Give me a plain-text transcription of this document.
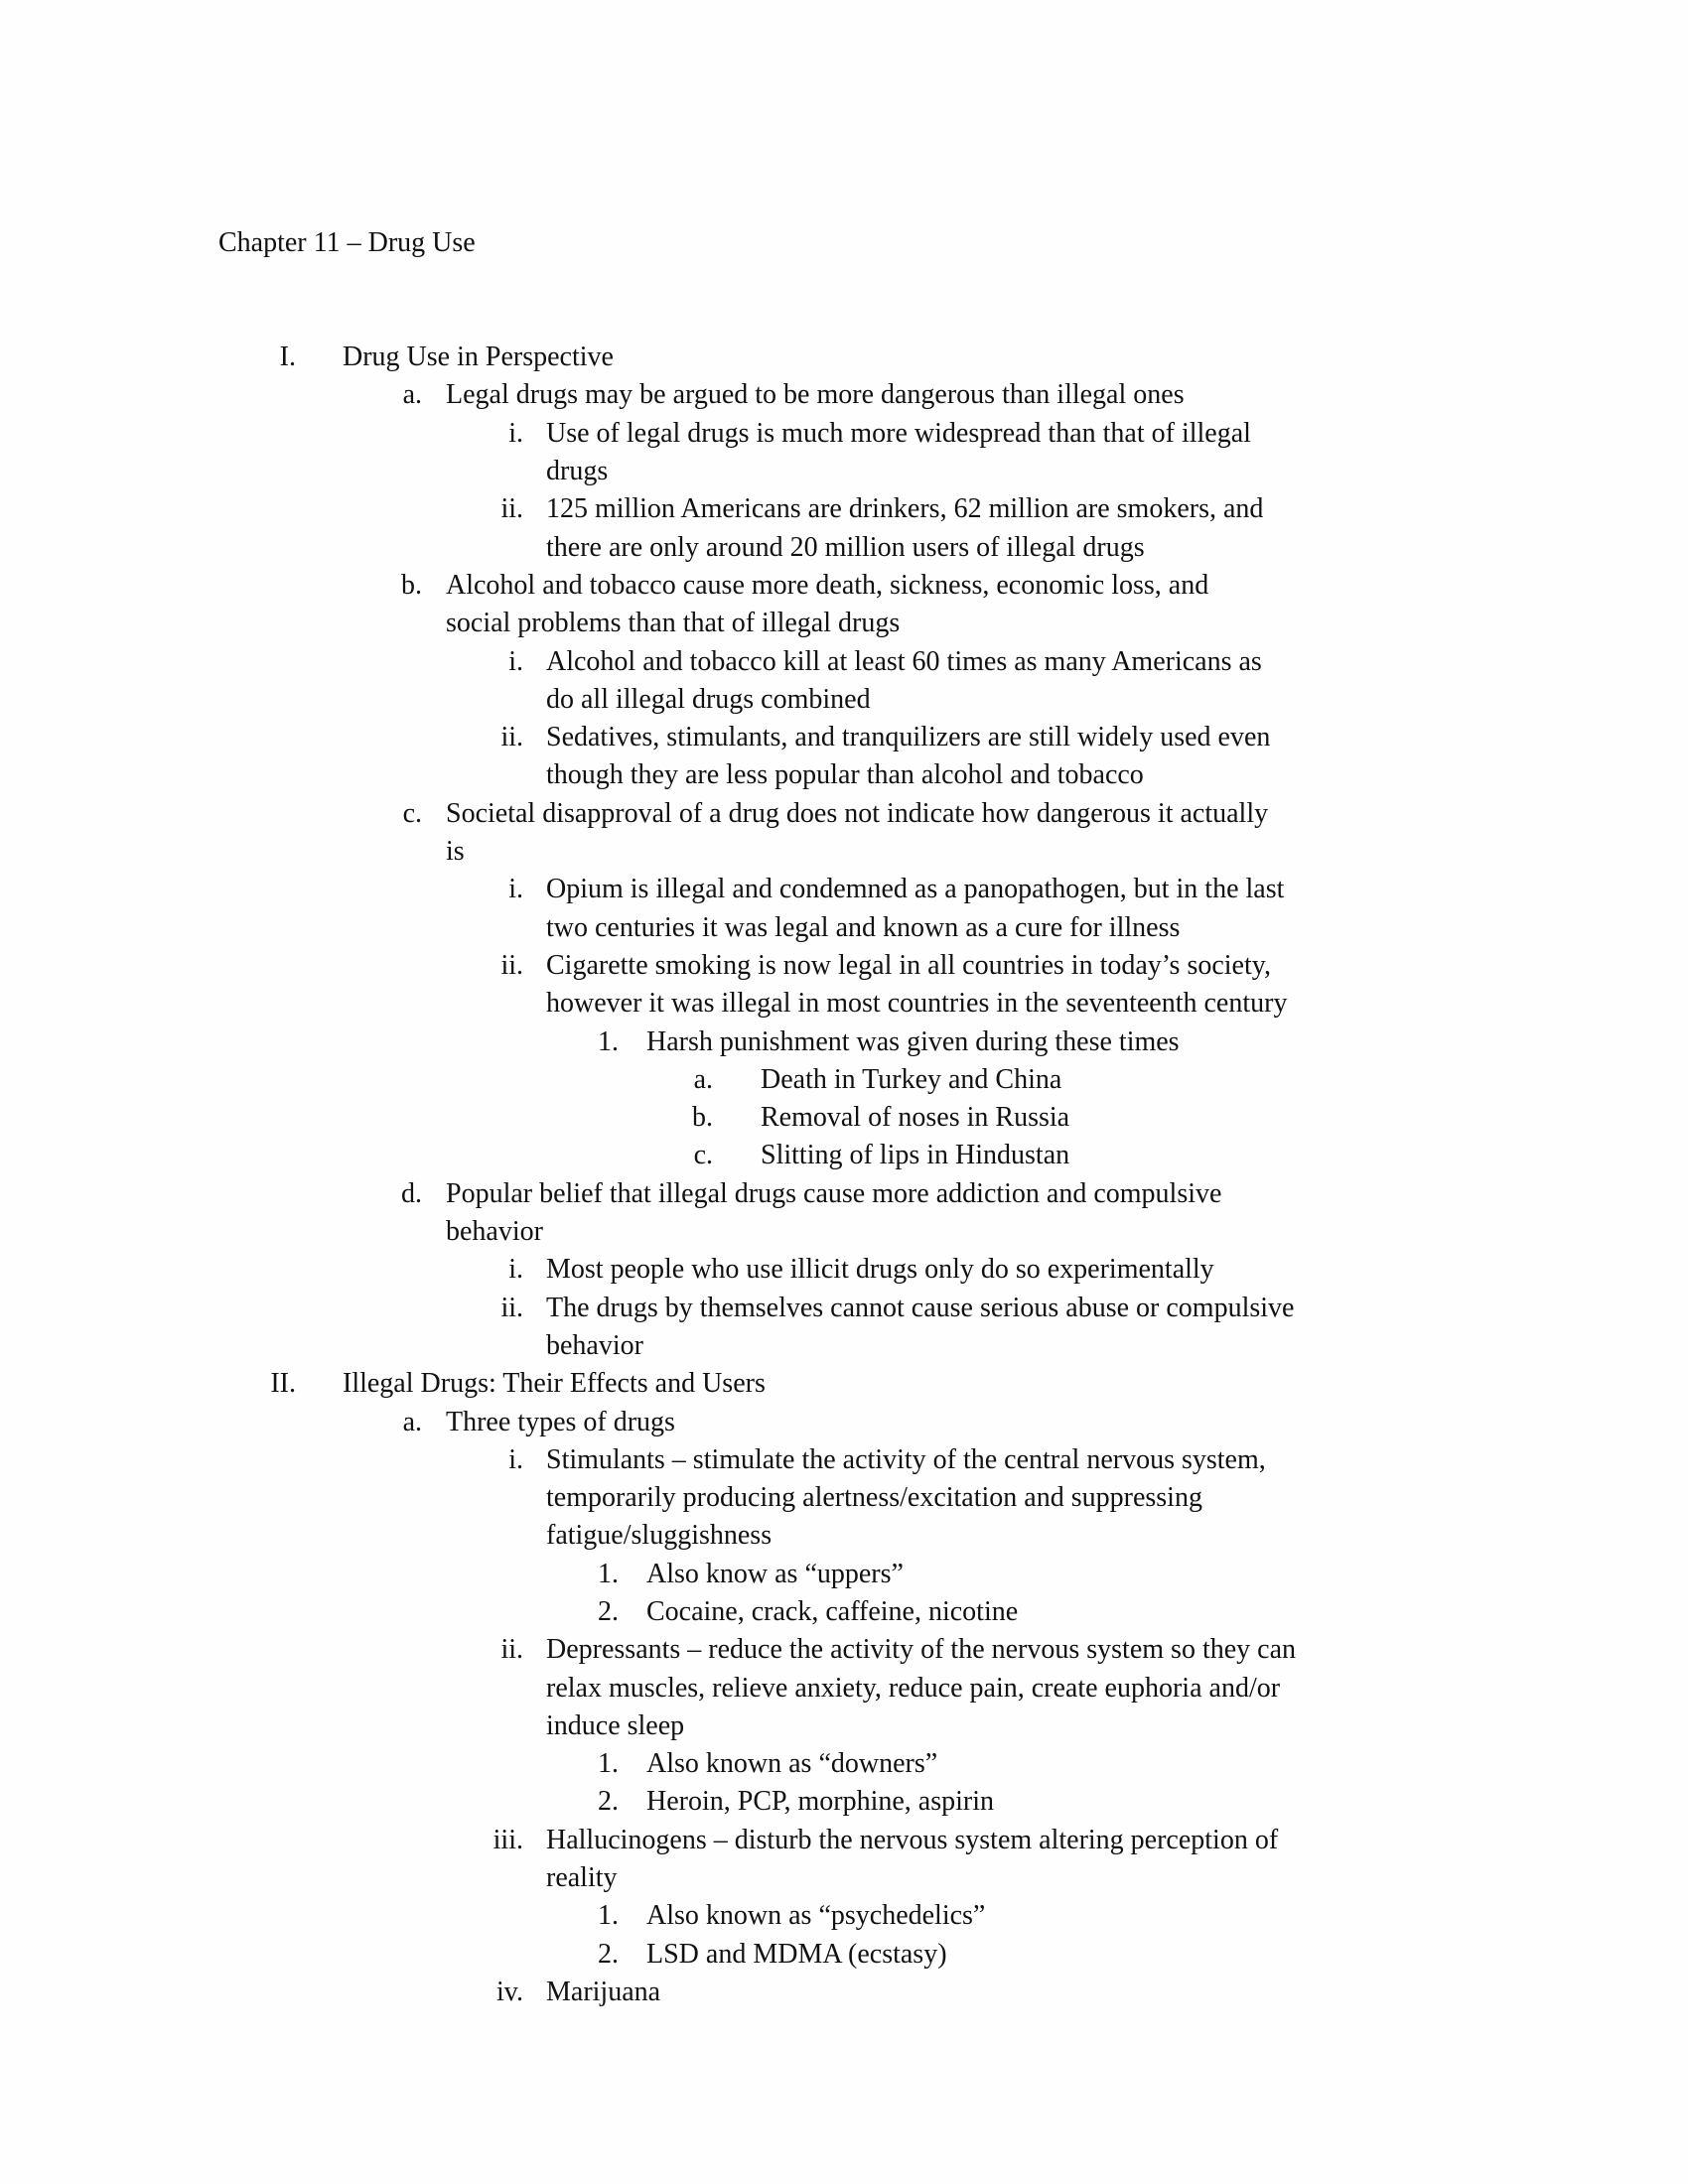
Chapter 11 – Drug Use

I. Drug Use in Perspective
a. Legal drugs may be argued to be more dangerous than illegal ones
i. Use of legal drugs is much more widespread than that of illegal
drugs
ii. 125 million Americans are drinkers, 62 million are smokers, and
there are only around 20 million users of illegal drugs
b. Alcohol and tobacco cause more death, sickness, economic loss, and
social problems than that of illegal drugs
i. Alcohol and tobacco kill at least 60 times as many Americans as
do all illegal drugs combined
ii. Sedatives, stimulants, and tranquilizers are still widely used even
though they are less popular than alcohol and tobacco
c. Societal disapproval of a drug does not indicate how dangerous it actually
is
i. Opium is illegal and condemned as a panopathogen, but in the last
two centuries it was legal and known as a cure for illness
ii. Cigarette smoking is now legal in all countries in today’s society,
however it was illegal in most countries in the seventeenth century
1. Harsh punishment was given during these times
a. Death in Turkey and China
b. Removal of noses in Russia
c. Slitting of lips in Hindustan
d. Popular belief that illegal drugs cause more addiction and compulsive
behavior
i. Most people who use illicit drugs only do so experimentally
ii. The drugs by themselves cannot cause serious abuse or compulsive
behavior
II. Illegal Drugs: Their Effects and Users
a. Three types of drugs
i. Stimulants – stimulate the activity of the central nervous system,
temporarily producing alertness/excitation and suppressing
fatigue/sluggishness
1. Also know as “uppers”
2. Cocaine, crack, caffeine, nicotine
ii. Depressants – reduce the activity of the nervous system so they can
relax muscles, relieve anxiety, reduce pain, create euphoria and/or
induce sleep
1. Also known as “downers”
2. Heroin, PCP, morphine, aspirin
iii. Hallucinogens – disturb the nervous system altering perception of
reality
1. Also known as “psychedelics”
2. LSD and MDMA (ecstasy)
iv. Marijuana
